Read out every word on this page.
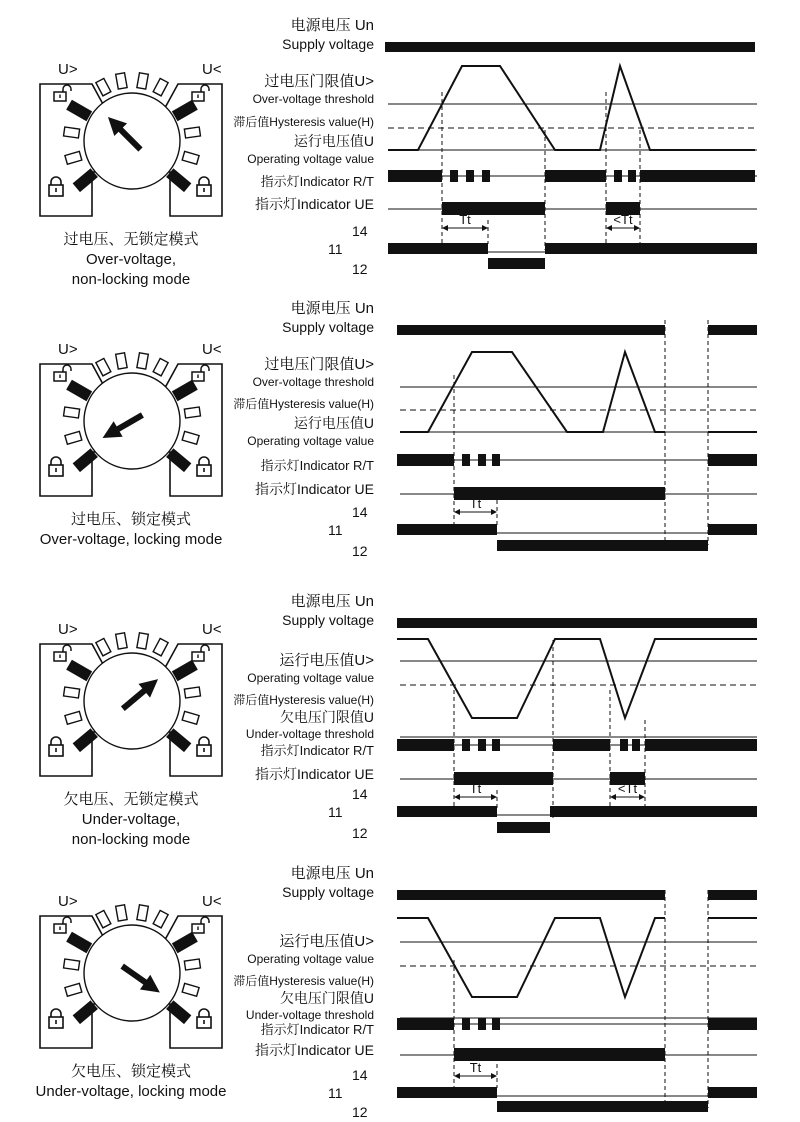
电源电压 Un
Supply voltage
过电压门限值U>
Over-voltage threshold
滞后值Hysteresis value(H)
运行电压值U
Operating voltage value
指示灯Indicator R/T
指示灯Indicator UE
14
11
12
Tt	<Tt
U>	U<
过电压、无锁定模式
Over-voltage,
non-locking mode
电源电压 Un
Supply voltage
过电压门限值U>
Over-voltage threshold
滞后值Hysteresis value(H)
运行电压值U
Operating voltage value
指示灯Indicator R/T
指示灯Indicator UE
14
11
12
Tt
U>	U<
过电压、锁定模式
Over-voltage, locking mode
电源电压 Un
Supply voltage
运行电压值U>
Operating voltage value
滞后值Hysteresis value(H)
欠电压门限值U
Under-voltage threshold
指示灯Indicator R/T
指示灯Indicator UE
14
11
12
Tt	<Tt
U>	U<
欠电压、无锁定模式
Under-voltage,
non-locking mode
电源电压 Un
Supply voltage
运行电压值U>
Operating voltage value
滞后值Hysteresis value(H)
欠电压门限值U
Under-voltage threshold
指示灯Indicator R/T
指示灯Indicator UE
14
11
12
Tt
U>	U<
欠电压、锁定模式
Under-voltage, locking mode
